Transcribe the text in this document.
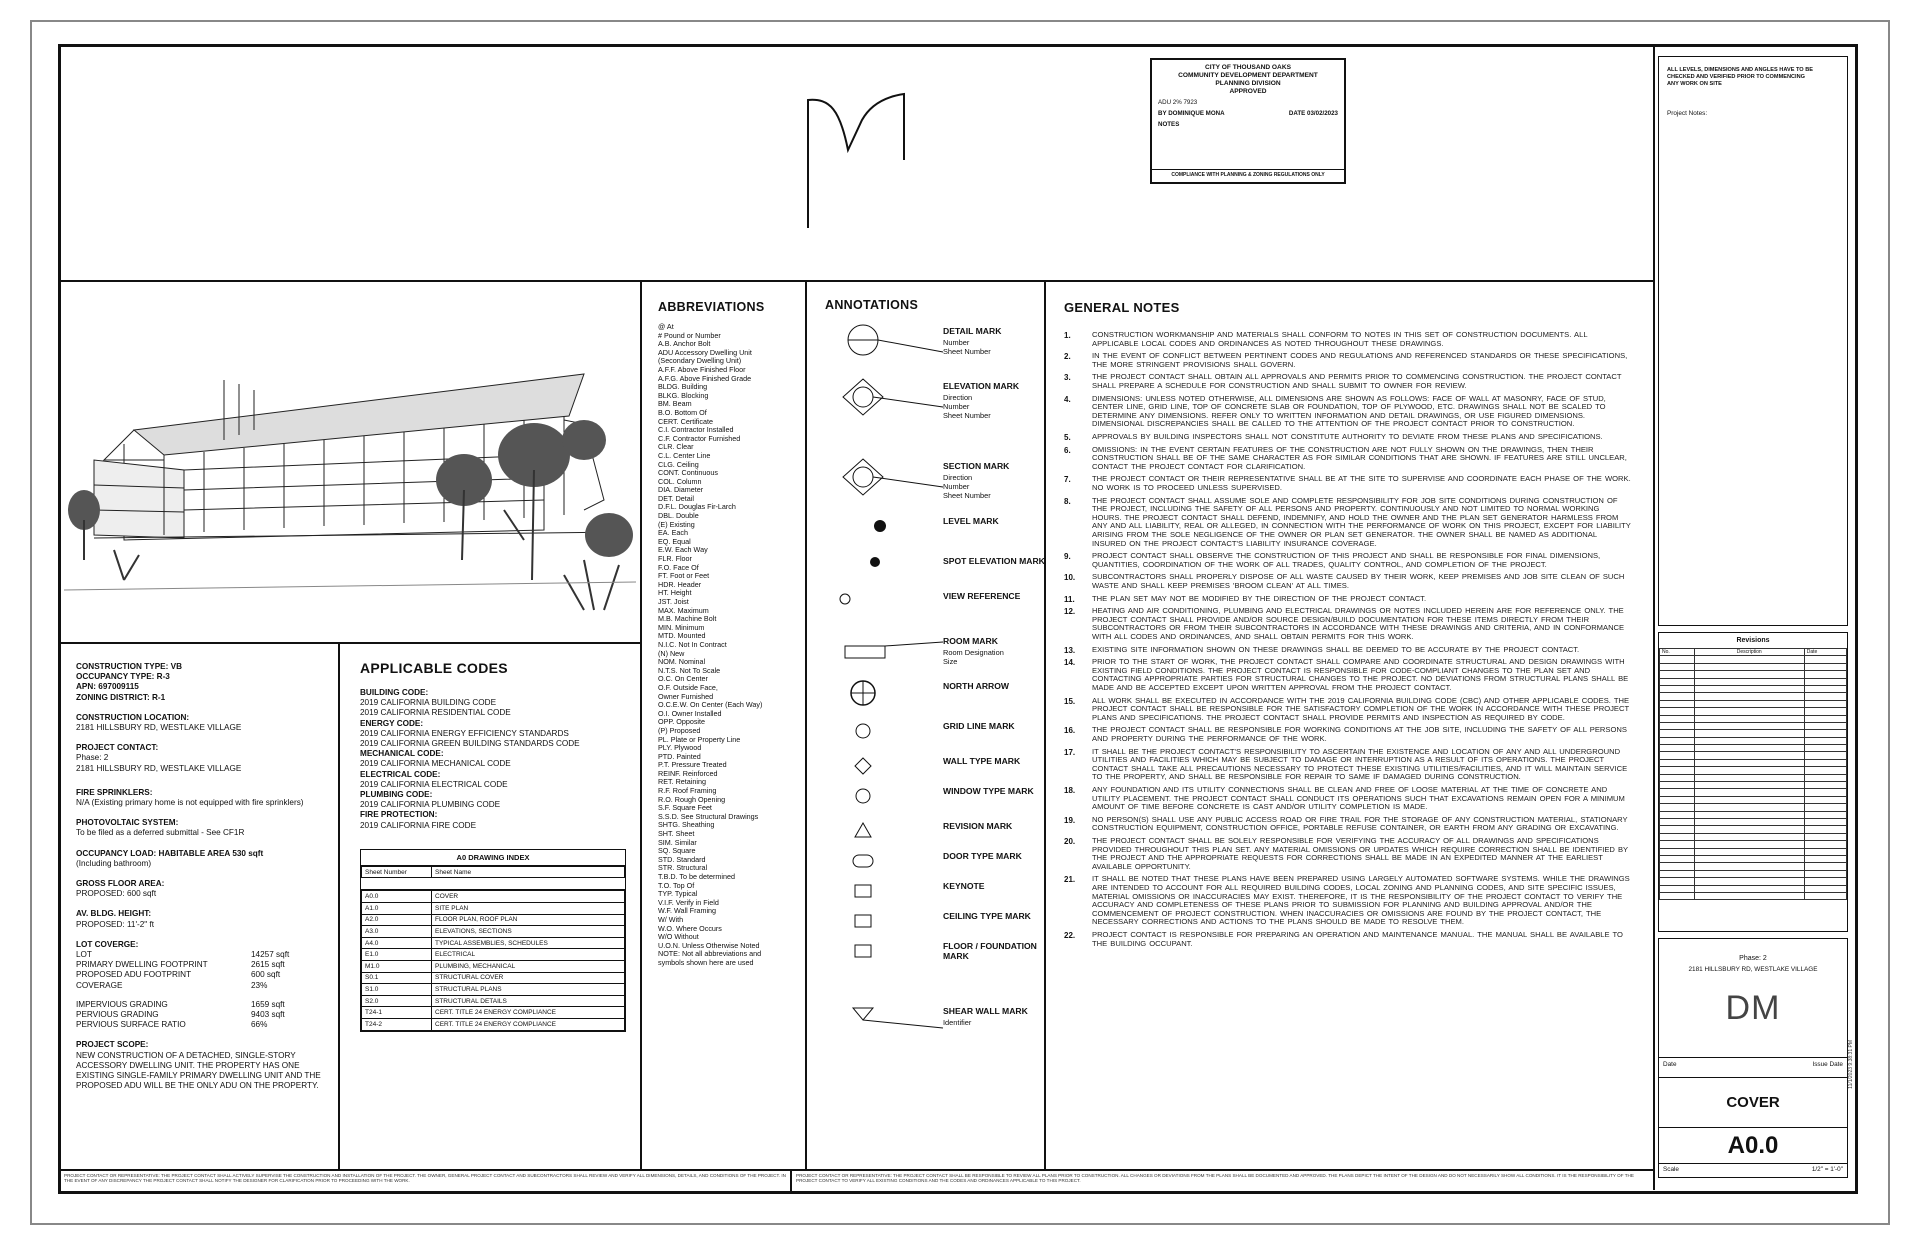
CITY OF THOUSAND OAKS
COMMUNITY DEVELOPMENT DEPARTMENT
PLANNING DIVISION
APPROVED
ADU 2% 7923
BY DOMINIQUE MONA	DATE 03/02/2023
NOTES
COMPLIANCE WITH PLANNING & ZONING REGULATIONS ONLY
CONSTRUCTION TYPE: VB
OCCUPANCY TYPE: R-3
APN: 697009115
ZONING DISTRICT: R-1
CONSTRUCTION LOCATION:
2181 HILLSBURY RD, WESTLAKE VILLAGE
PROJECT CONTACT:
Phase: 2
2181 HILLSBURY RD, WESTLAKE VILLAGE
FIRE SPRINKLERS:
N/A (Existing primary home is not equipped with fire sprinklers)
PHOTOVOLTAIC SYSTEM:
To be filed as a deferred submittal - See CF1R
OCCUPANCY LOAD: HABITABLE AREA 530 sqft
(Including bathroom)
GROSS FLOOR AREA:
PROPOSED: 600 sqft
AV. BLDG. HEIGHT:
PROPOSED: 11'-2" ft
LOT COVERGE:
LOT	14257 sqft
PRIMARY DWELLING FOOTPRINT	2615 sqft
PROPOSED ADU FOOTPRINT	600 sqft
COVERAGE	23%
IMPERVIOUS GRADING	1659 sqft
PERVIOUS GRADING	9403 sqft
PERVIOUS SURFACE RATIO	66%
PROJECT SCOPE:
NEW CONSTRUCTION OF A DETACHED, SINGLE-STORY ACCESSORY DWELLING UNIT. THE PROPERTY HAS ONE EXISTING SINGLE-FAMILY PRIMARY DWELLING UNIT AND THE PROPOSED ADU WILL BE THE ONLY ADU ON THE PROPERTY.
APPLICABLE CODES
BUILDING CODE:
2019 CALIFORNIA BUILDING CODE
2019 CALIFORNIA RESIDENTIAL CODE
ENERGY CODE:
2019 CALIFORNIA ENERGY EFFICIENCY STANDARDS
2019 CALIFORNIA GREEN BUILDING STANDARDS CODE
MECHANICAL CODE:
2019 CALIFORNIA MECHANICAL CODE
ELECTRICAL CODE:
2019 CALIFORNIA ELECTRICAL CODE
PLUMBING CODE:
2019 CALIFORNIA PLUMBING CODE
FIRE PROTECTION:
2019 CALIFORNIA FIRE CODE
A0 DRAWING INDEX
Sheet Number	Sheet Name
A0.0	COVER
A1.0	SITE PLAN
A2.0	FLOOR PLAN, ROOF PLAN
A3.0	ELEVATIONS, SECTIONS
A4.0	TYPICAL ASSEMBLIES, SCHEDULES
E1.0	ELECTRICAL
M1.0	PLUMBING, MECHANICAL
S0.1	STRUCTURAL COVER
S1.0	STRUCTURAL PLANS
S2.0	STRUCTURAL DETAILS
T24-1	CERT. TITLE 24 ENERGY COMPLIANCE
T24-2	CERT. TITLE 24 ENERGY COMPLIANCE
ABBREVIATIONS
@ At
# Pound or Number
A.B. Anchor Bolt
ADU Accessory Dwelling Unit
(Secondary Dwelling Unit)
A.F.F. Above Finished Floor
A.F.G. Above Finished Grade
BLDG. Building
BLKG. Blocking
BM. Beam
B.O. Bottom Of
CERT. Certificate
C.I. Contractor Installed
C.F. Contractor Furnished
CLR. Clear
C.L. Center Line
CLG. Ceiling
CONT. Continuous
COL. Column
DIA. Diameter
DET. Detail
D.F.L. Douglas Fir-Larch
DBL. Double
(E) Existing
EA. Each
EQ. Equal
E.W. Each Way
FLR. Floor
F.O. Face Of
FT. Foot or Feet
HDR. Header
HT. Height
JST. Joist
MAX. Maximum
M.B. Machine Bolt
MIN. Minimum
MTD. Mounted
N.I.C. Not In Contract
(N) New
NOM. Nominal
N.T.S. Not To Scale
O.C. On Center
O.F. Outside Face,
Owner Furnished
O.C.E.W. On Center (Each Way)
O.I. Owner Installed
OPP. Opposite
(P) Proposed
PL. Plate or Property Line
PLY. Plywood
PTD. Painted
P.T. Pressure Treated
REINF. Reinforced
RET. Retaining
R.F. Roof Framing
R.O. Rough Opening
S.F. Square Feet
S.S.D. See Structural Drawings
SHTG. Sheathing
SHT. Sheet
SIM. Similar
SQ. Square
STD. Standard
STR. Structural
T.B.D. To be determined
T.O. Top Of
TYP. Typical
V.I.F. Verify in Field
W.F. Wall Framing
W/ With
W.O. Where Occurs
W/O Without
U.O.N. Unless Otherwise Noted
NOTE: Not all abbreviations and
symbols shown here are used
ANNOTATIONS
DETAIL MARK
Number
Sheet Number
ELEVATION MARK
Direction
Number
Sheet Number
SECTION MARK
Direction
Number
Sheet Number
LEVEL MARK
SPOT ELEVATION MARK
VIEW REFERENCE
ROOM MARK
Room Designation
Size
NORTH ARROW
GRID LINE MARK
WALL TYPE MARK
WINDOW TYPE MARK
REVISION MARK
DOOR TYPE MARK
KEYNOTE
CEILING TYPE MARK
FLOOR / FOUNDATION MARK
SHEAR WALL MARK
Identifier
GENERAL NOTES
1.	CONSTRUCTION WORKMANSHIP AND MATERIALS SHALL CONFORM TO NOTES IN THIS SET OF CONSTRUCTION DOCUMENTS. ALL APPLICABLE LOCAL CODES AND ORDINANCES AS NOTED THROUGHOUT THESE DRAWINGS.
2.	IN THE EVENT OF CONFLICT BETWEEN PERTINENT CODES AND REGULATIONS AND REFERENCED STANDARDS OR THESE SPECIFICATIONS, THE MORE STRINGENT PROVISIONS SHALL GOVERN.
3.	THE PROJECT CONTACT SHALL OBTAIN ALL APPROVALS AND PERMITS PRIOR TO COMMENCING CONSTRUCTION. THE PROJECT CONTACT SHALL PREPARE A SCHEDULE FOR CONSTRUCTION AND SHALL SUBMIT TO OWNER FOR REVIEW.
4.	DIMENSIONS: UNLESS NOTED OTHERWISE, ALL DIMENSIONS ARE SHOWN AS FOLLOWS: FACE OF WALL AT MASONRY, FACE OF STUD, CENTER LINE, GRID LINE, TOP OF CONCRETE SLAB OR FOUNDATION, TOP OF PLYWOOD, ETC. DRAWINGS SHALL NOT BE SCALED TO DETERMINE ANY DIMENSIONS. REFER ONLY TO WRITTEN INFORMATION AND DETAIL DRAWINGS, OR USE FIGURED DIMENSIONS. DIMENSIONAL DISCREPANCIES SHALL BE CALLED TO THE ATTENTION OF THE PROJECT CONTACT PRIOR TO CONSTRUCTION.
5.	APPROVALS BY BUILDING INSPECTORS SHALL NOT CONSTITUTE AUTHORITY TO DEVIATE FROM THESE PLANS AND SPECIFICATIONS.
6.	OMISSIONS: IN THE EVENT CERTAIN FEATURES OF THE CONSTRUCTION ARE NOT FULLY SHOWN ON THE DRAWINGS, THEN THEIR CONSTRUCTION SHALL BE OF THE SAME CHARACTER AS FOR SIMILAR CONDITIONS THAT ARE SHOWN. IF FEATURES ARE STILL UNCLEAR, CONTACT THE PROJECT CONTACT FOR CLARIFICATION.
7.	THE PROJECT CONTACT OR THEIR REPRESENTATIVE SHALL BE AT THE SITE TO SUPERVISE AND COORDINATE EACH PHASE OF THE WORK. NO WORK IS TO PROCEED UNLESS SUPERVISED.
8.	THE PROJECT CONTACT SHALL ASSUME SOLE AND COMPLETE RESPONSIBILITY FOR JOB SITE CONDITIONS DURING CONSTRUCTION OF THE PROJECT, INCLUDING THE SAFETY OF ALL PERSONS AND PROPERTY. CONTINUOUSLY AND NOT LIMITED TO NORMAL WORKING HOURS. THE PROJECT CONTACT SHALL DEFEND, INDEMNIFY, AND HOLD THE OWNER AND THE PLAN SET GENERATOR HARMLESS FROM ANY AND ALL LIABILITY, REAL OR ALLEGED, IN CONNECTION WITH THE PERFORMANCE OF WORK ON THIS PROJECT, EXCEPT FOR LIABILITY ARISING FROM THE SOLE NEGLIGENCE OF THE OWNER OR PLAN SET GENERATOR. THE OWNER SHALL BE NAMED AS ADDITIONAL INSURED ON THE PROJECT CONTACT'S LIABILITY INSURANCE COVERAGE.
9.	PROJECT CONTACT SHALL OBSERVE THE CONSTRUCTION OF THIS PROJECT AND SHALL BE RESPONSIBLE FOR FINAL DIMENSIONS, QUANTITIES, COORDINATION OF THE WORK OF ALL TRADES, QUALITY CONTROL, AND COMPLETION OF THE PROJECT.
10. SUBCONTRACTORS SHALL PROPERLY DISPOSE OF ALL WASTE CAUSED BY THEIR WORK, KEEP PREMISES AND JOB SITE CLEAN OF SUCH WASTE AND SHALL KEEP PREMISES 'BROOM CLEAN' AT ALL TIMES.
11. THE PLAN SET MAY NOT BE MODIFIED BY THE DIRECTION OF THE PROJECT CONTACT.
12. HEATING AND AIR CONDITIONING, PLUMBING AND ELECTRICAL DRAWINGS OR NOTES INCLUDED HEREIN ARE FOR REFERENCE ONLY. THE PROJECT CONTACT SHALL PROVIDE AND/OR SOURCE DESIGN/BUILD DOCUMENTATION FOR THESE ITEMS DIRECTLY FROM THEIR SUBCONTRACTORS OR FROM THEIR SUBCONTRACTORS IN ACCORDANCE WITH THESE DRAWINGS AND CRITERIA, AND IN CONFORMANCE WITH ALL CODES AND ORDINANCES, AND SHALL OBTAIN PERMITS FOR THIS WORK.
13. EXISTING SITE INFORMATION SHOWN ON THESE DRAWINGS SHALL BE DEEMED TO BE ACCURATE BY THE PROJECT CONTACT.
14. PRIOR TO THE START OF WORK, THE PROJECT CONTACT SHALL COMPARE AND COORDINATE STRUCTURAL AND DESIGN DRAWINGS WITH EXISTING FIELD CONDITIONS. THE PROJECT CONTACT IS RESPONSIBLE FOR CODE-COMPLIANT CHANGES TO THE PLAN SET AND CONTACTING APPROPRIATE PARTIES FOR STRUCTURAL CHANGES TO THE PROJECT. NO DEVIATIONS FROM STRUCTURAL PLANS SHALL BE MADE AND BE ACCEPTED EXCEPT UPON WRITTEN APPROVAL FROM THE PROJECT CONTACT.
15. ALL WORK SHALL BE EXECUTED IN ACCORDANCE WITH THE 2019 CALIFORNIA BUILDING CODE (CBC) AND OTHER APPLICABLE CODES. THE PROJECT CONTACT SHALL BE RESPONSIBLE FOR THE SATISFACTORY COMPLETION OF THE WORK IN ACCORDANCE WITH THESE PROJECT PLANS AND SPECIFICATIONS. THE PROJECT CONTACT SHALL PROVIDE PERMITS AND INSPECTION AS REQUIRED BY CODE.
16. THE PROJECT CONTACT SHALL BE RESPONSIBLE FOR WORKING CONDITIONS AT THE JOB SITE, INCLUDING THE SAFETY OF ALL PERSONS AND PROPERTY DURING THE PERFORMANCE OF THE WORK.
17. IT SHALL BE THE PROJECT CONTACT'S RESPONSIBILITY TO ASCERTAIN THE EXISTENCE AND LOCATION OF ANY AND ALL UNDERGROUND UTILITIES AND FACILITIES WHICH MAY BE SUBJECT TO DAMAGE OR INTERRUPTION AS A RESULT OF ITS OPERATIONS. THE PROJECT CONTACT SHALL TAKE ALL PRECAUTIONS NECESSARY TO PROTECT THESE EXISTING UTILITIES/FACILITIES, AND IT WILL MAINTAIN SERVICE TO THE PROPERTY, AND SHALL BE RESPONSIBLE FOR REPAIR TO SAME IF DAMAGED DURING CONSTRUCTION.
18. ANY FOUNDATION AND ITS UTILITY CONNECTIONS SHALL BE CLEAN AND FREE OF LOOSE MATERIAL AT THE TIME OF CONCRETE AND UTILITY PLACEMENT. THE PROJECT CONTACT SHALL CONDUCT ITS OPERATIONS SUCH THAT EXCAVATIONS REMAIN OPEN FOR A MINIMUM AMOUNT OF TIME BEFORE CONCRETE IS CAST AND/OR UTILITY COMPLETION IS MADE.
19. NO PERSON(S) SHALL USE ANY PUBLIC ACCESS ROAD OR FIRE TRAIL FOR THE STORAGE OF ANY CONSTRUCTION MATERIAL, STATIONARY CONSTRUCTION EQUIPMENT, CONSTRUCTION OFFICE, PORTABLE REFUSE CONTAINER, OR EARTH FROM ANY GRADING OR EXCAVATING.
20. THE PROJECT CONTACT SHALL BE SOLELY RESPONSIBLE FOR VERIFYING THE ACCURACY OF ALL DRAWINGS AND SPECIFICATIONS PROVIDED THROUGHOUT THIS PLAN SET. ANY MATERIAL OMISSIONS OR UPDATES WHICH REQUIRE CORRECTION SHALL BE IDENTIFIED BY THE PROJECT AND THE APPROPRIATE REQUESTS FOR CORRECTIONS SHALL BE MADE IN AN EXPEDITED MANNER AT THE EARLIEST AVAILABLE OPPORTUNITY.
21. IT SHALL BE NOTED THAT THESE PLANS HAVE BEEN PREPARED USING LARGELY AUTOMATED SOFTWARE SYSTEMS. WHILE THE DRAWINGS ARE INTENDED TO ACCOUNT FOR ALL REQUIRED BUILDING CODES, LOCAL ZONING AND PLANNING CODES, AND SITE SPECIFIC ISSUES, MATERIAL OMISSIONS OR INACCURACIES MAY EXIST. THEREFORE, IT IS THE RESPONSIBILITY OF THE PROJECT CONTACT TO VERIFY THE ACCURACY AND COMPLETENESS OF THESE PLANS PRIOR TO SUBMISSION FOR PLANNING AND BUILDING APPROVAL AND/OR THE COMMENCEMENT OF PROJECT CONSTRUCTION. WHEN INACCURACIES OR OMISSIONS ARE FOUND BY THE PROJECT CONTACT, THE NECESSARY CORRECTIONS AND ACTIONS TO THE PLANS SHOULD BE MADE TO RESOLVE THEM.
22. PROJECT CONTACT IS RESPONSIBLE FOR PREPARING AN OPERATION AND MAINTENANCE MANUAL. THE MANUAL SHALL BE AVAILABLE TO THE BUILDING OCCUPANT.
PROJECT CONTACT OR REPRESENTATIVE: THE PROJECT CONTACT SHALL ACTIVELY SUPERVISE THE CONSTRUCTION AND INSTALLATION OF THE PROJECT. THE OWNER, GENERAL PROJECT CONTACT AND SUBCONTRACTORS SHALL REVIEW AND VERIFY ALL DIMENSIONS, DETAILS, AND CONDITIONS OF THE PROJECT. IN THE EVENT OF ANY DISCREPANCY THE PROJECT CONTACT SHALL NOTIFY THE DESIGNER FOR CLARIFICATION PRIOR TO PROCEEDING WITH THE WORK.
PROJECT CONTACT OR REPRESENTATIVE: THE PROJECT CONTACT SHALL BE RESPONSIBLE TO REVIEW ALL PLANS PRIOR TO CONSTRUCTION. ALL CHANGES OR DEVIATIONS FROM THE PLANS SHALL BE DOCUMENTED AND APPROVED. THE PLANS DEPICT THE INTENT OF THE DESIGN AND DO NOT NECESSARILY SHOW ALL CONDITIONS. IT IS THE RESPONSIBILITY OF THE PROJECT CONTACT TO VERIFY ALL EXISTING CONDITIONS AND THE CODES AND ORDINANCES APPLICABLE TO THIS PROJECT.
11/1/2023 9:38:31 PM
ALL LEVELS, DIMENSIONS AND ANGLES HAVE TO BE CHECKED AND VERIFIED PRIOR TO COMMENCING ANY WORK ON SITE
Project Notes:
Revisions
No.	Description	Date

Phase: 2
2181 HILLSBURY RD, WESTLAKE VILLAGE
DM
Date	Issue Date
COVER
A0.0
Scale	1/2" = 1'-0"
